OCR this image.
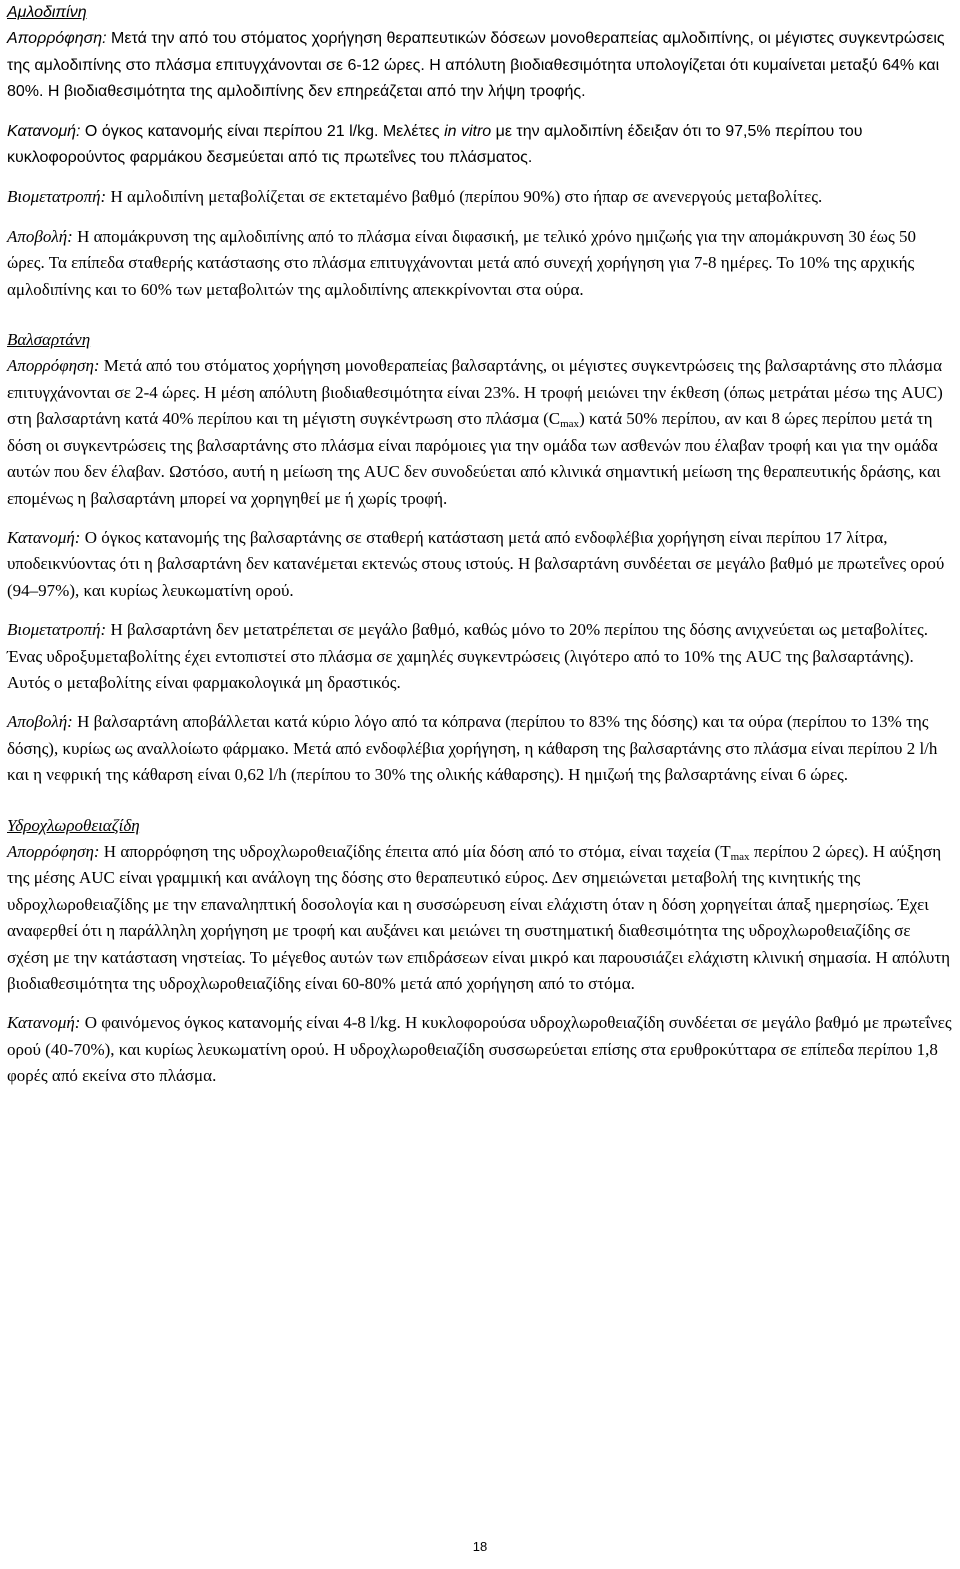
Αμλοδιπίνη

Απορρόφηση: Μετά την από του στόματος χορήγηση θεραπευτικών δόσεων μονοθεραπείας αμλοδιπίνης, οι μέγιστες συγκεντρώσεις της αμλοδιπίνης στο πλάσμα επιτυγχάνονται σε 6-12 ώρες. Η απόλυτη βιοδιαθεσιμότητα υπολογίζεται ότι κυμαίνεται μεταξύ 64% και 80%. Η βιοδιαθεσιμότητα της αμλοδιπίνης δεν επηρεάζεται από την λήψη τροφής.

Κατανομή: Ο όγκος κατανομής είναι περίπου 21 l/kg. Μελέτες in vitro με την αμλοδιπίνη έδειξαν ότι το 97,5% περίπου του κυκλοφορούντος φαρμάκου δεσμεύεται από τις πρωτεΐνες του πλάσματος.

Βιομετατροπή: Η αμλοδιπίνη μεταβολίζεται σε εκτεταμένο βαθμό (περίπου 90%) στο ήπαρ σε ανενεργούς μεταβολίτες.

Αποβολή: Η απομάκρυνση της αμλοδιπίνης από το πλάσμα είναι διφασική, με τελικό χρόνο ημιζωής για την απομάκρυνση 30 έως 50 ώρες. Τα επίπεδα σταθερής κατάστασης στο πλάσμα επιτυγχάνονται μετά από συνεχή χορήγηση για 7-8 ημέρες. Το 10% της αρχικής αμλοδιπίνης και το 60% των μεταβολιτών της αμλοδιπίνης απεκκρίνονται στα ούρα.

Βαλσαρτάνη

Απορρόφηση: Μετά από του στόματος χορήγηση μονοθεραπείας βαλσαρτάνης, οι μέγιστες συγκεντρώσεις της βαλσαρτάνης στο πλάσμα επιτυγχάνονται σε 2-4 ώρες. Η μέση απόλυτη βιοδιαθεσιμότητα είναι 23%. Η τροφή μειώνει την έκθεση (όπως μετράται μέσω της AUC) στη βαλσαρτάνη κατά 40% περίπου και τη μέγιστη συγκέντρωση στο πλάσμα $(C_{max})$ κατά 50% περίπου, αν και 8 ώρες περίπου μετά τη δόση οι συγκεντρώσεις της βαλσαρτάνης στο πλάσμα είναι παρόμοιες για την ομάδα των ασθενών που έλαβαν τροφή και για την ομάδα αυτών που δεν έλαβαν. Ωστόσο, αυτή η μείωση της AUC δεν συνοδεύεται από κλινικά σημαντική μείωση της θεραπευτικής δράσης, και επομένως η βαλσαρτάνη μπορεί να χορηγηθεί με ή χωρίς τροφή.

Κατανομή: Ο όγκος κατανομής της βαλσαρτάνης σε σταθερή κατάσταση μετά από ενδοφλέβια χορήγηση είναι περίπου 17 λίτρα, υποδεικνύοντας ότι η βαλσαρτάνη δεν κατανέμεται εκτενώς στους ιστούς. Η βαλσαρτάνη συνδέεται σε μεγάλο βαθμό με πρωτεΐνες ορού (94–97%), και κυρίως λευκωματίνη ορού.

Βιομετατροπή: Η βαλσαρτάνη δεν μετατρέπεται σε μεγάλο βαθμό, καθώς μόνο το 20% περίπου της δόσης ανιχνεύεται ως μεταβολίτες. Ένας υδροξυμεταβολίτης έχει εντοπιστεί στο πλάσμα σε χαμηλές συγκεντρώσεις (λιγότερο από το 10% της AUC της βαλσαρτάνης). Αυτός ο μεταβολίτης είναι φαρμακολογικά μη δραστικός.

Αποβολή: Η βαλσαρτάνη αποβάλλεται κατά κύριο λόγο από τα κόπρανα (περίπου το 83% της δόσης) και τα ούρα (περίπου το 13% της δόσης), κυρίως ως αναλλοίωτο φάρμακο. Μετά από ενδοφλέβια χορήγηση, η κάθαρση της βαλσαρτάνης στο πλάσμα είναι περίπου 2 l/h και η νεφρική της κάθαρση είναι 0,62 l/h (περίπου το 30% της ολικής κάθαρσης). Η ημιζωή της βαλσαρτάνης είναι 6 ώρες.

Υδροχλωροθειαζίδη

Απορρόφηση: Η απορρόφηση της υδροχλωροθειαζίδης έπειτα από μία δόση από το στόμα, είναι ταχεία ($T_{max}$ περίπου 2 ώρες). Η αύξηση της μέσης AUC είναι γραμμική και ανάλογη της δόσης στο θεραπευτικό εύρος. Δεν σημειώνεται μεταβολή της κινητικής της υδροχλωροθειαζίδης με την επαναληπτική δοσολογία και η συσσώρευση είναι ελάχιστη όταν η δόση χορηγείται άπαξ ημερησίως. Έχει αναφερθεί ότι η παράλληλη χορήγηση με τροφή και αυξάνει και μειώνει τη συστηματική διαθεσιμότητα της υδροχλωροθειαζίδης σε σχέση με την κατάσταση νηστείας. Το μέγεθος αυτών των επιδράσεων είναι μικρό και παρουσιάζει ελάχιστη κλινική σημασία. Η απόλυτη βιοδιαθεσιμότητα της υδροχλωροθειαζίδης είναι 60-80% μετά από χορήγηση από το στόμα.

Κατανομή: Ο φαινόμενος όγκος κατανομής είναι 4-8 l/kg. Η κυκλοφορούσα υδροχλωροθειαζίδη συνδέεται σε μεγάλο βαθμό με πρωτεΐνες ορού (40-70%), και κυρίως λευκωματίνη ορού. Η υδροχλωροθειαζίδη συσσωρεύεται επίσης στα ερυθροκύτταρα σε επίπεδα περίπου 1,8 φορές από εκείνα στο πλάσμα.

18
